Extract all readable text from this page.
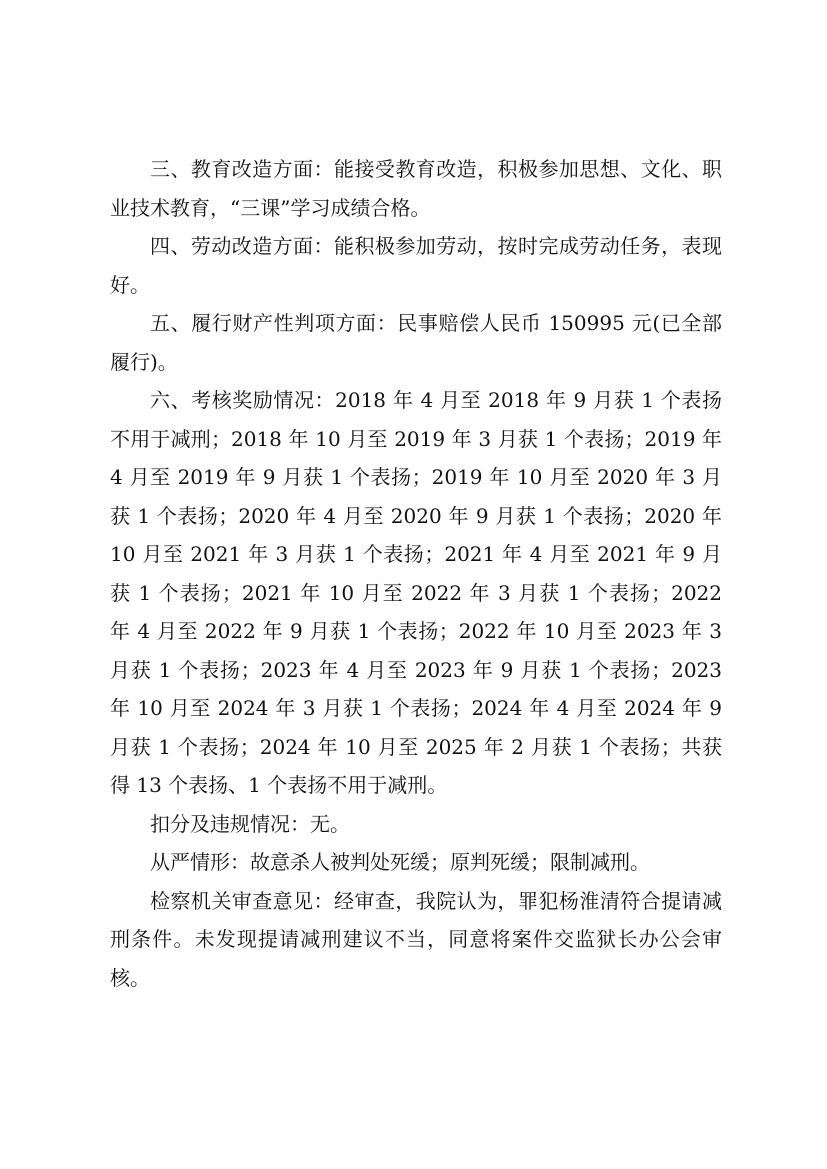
三、教育改造方面：能接受教育改造，积极参加思想、文化、职业技术教育，“三课”学习成绩合格。

四、劳动改造方面：能积极参加劳动，按时完成劳动任务，表现好。

五、履行财产性判项方面：民事赔偿人民币 150995 元(已全部履行)。

六、考核奖励情况：2018 年 4 月至 2018 年 9 月获 1 个表扬不用于减刑；2018 年 10 月至 2019 年 3 月获 1 个表扬；2019 年 4 月至 2019 年 9 月获 1 个表扬；2019 年 10 月至 2020 年 3 月获 1 个表扬；2020 年 4 月至 2020 年 9 月获 1 个表扬；2020 年 10 月至 2021 年 3 月获 1 个表扬；2021 年 4 月至 2021 年 9 月获 1 个表扬；2021 年 10 月至 2022 年 3 月获 1 个表扬；2022 年 4 月至 2022 年 9 月获 1 个表扬；2022 年 10 月至 2023 年 3 月获 1 个表扬；2023 年 4 月至 2023 年 9 月获 1 个表扬；2023 年 10 月至 2024 年 3 月获 1 个表扬；2024 年 4 月至 2024 年 9 月获 1 个表扬；2024 年 10 月至 2025 年 2 月获 1 个表扬；共获得 13 个表扬、1 个表扬不用于减刑。

扣分及违规情况：无。

从严情形：故意杀人被判处死缓；原判死缓；限制减刑。

检察机关审查意见：经审查，我院认为，罪犯杨淮清符合提请减刑条件。未发现提请减刑建议不当，同意将案件交监狱长办公会审核。
